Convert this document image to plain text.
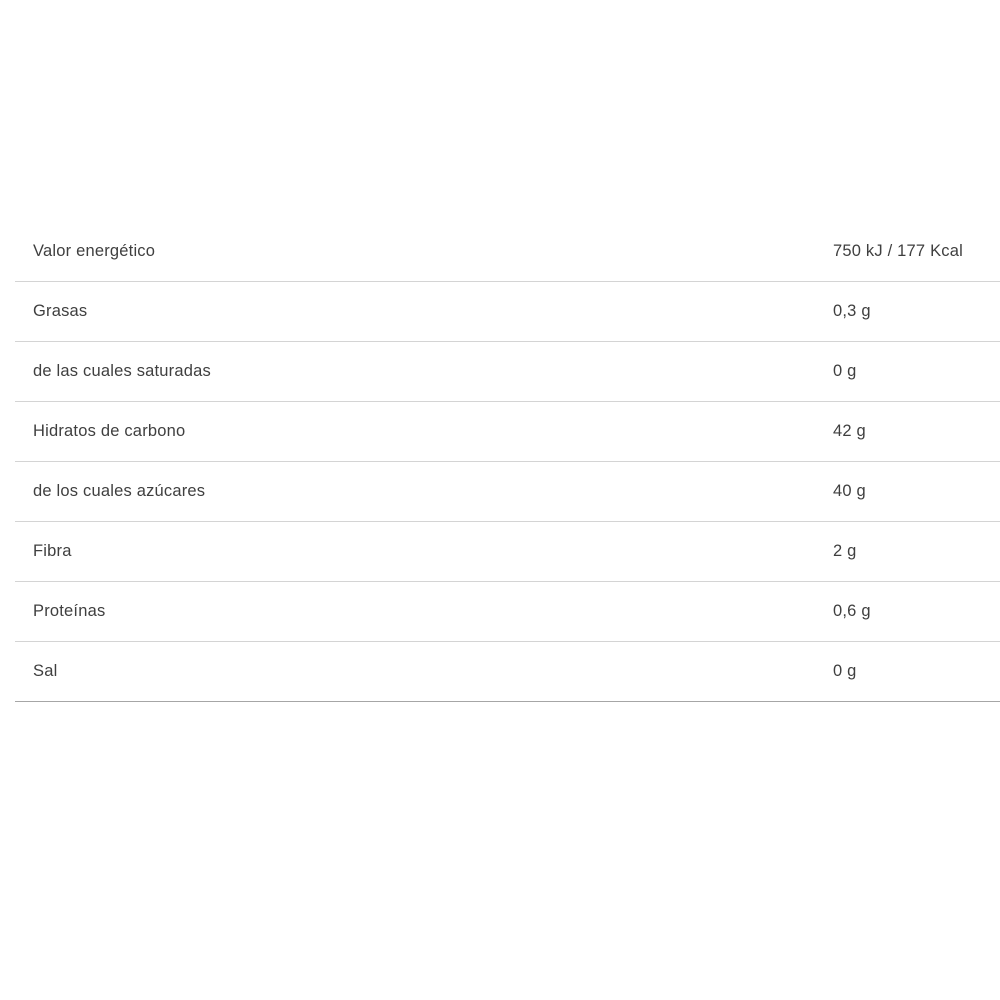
Valor energético	750 kJ / 177 Kcal
Grasas	0,3 g
de las cuales saturadas	0 g
Hidratos de carbono	42 g
de los cuales azúcares	40 g
Fibra	2 g
Proteínas	0,6 g
Sal	0 g
